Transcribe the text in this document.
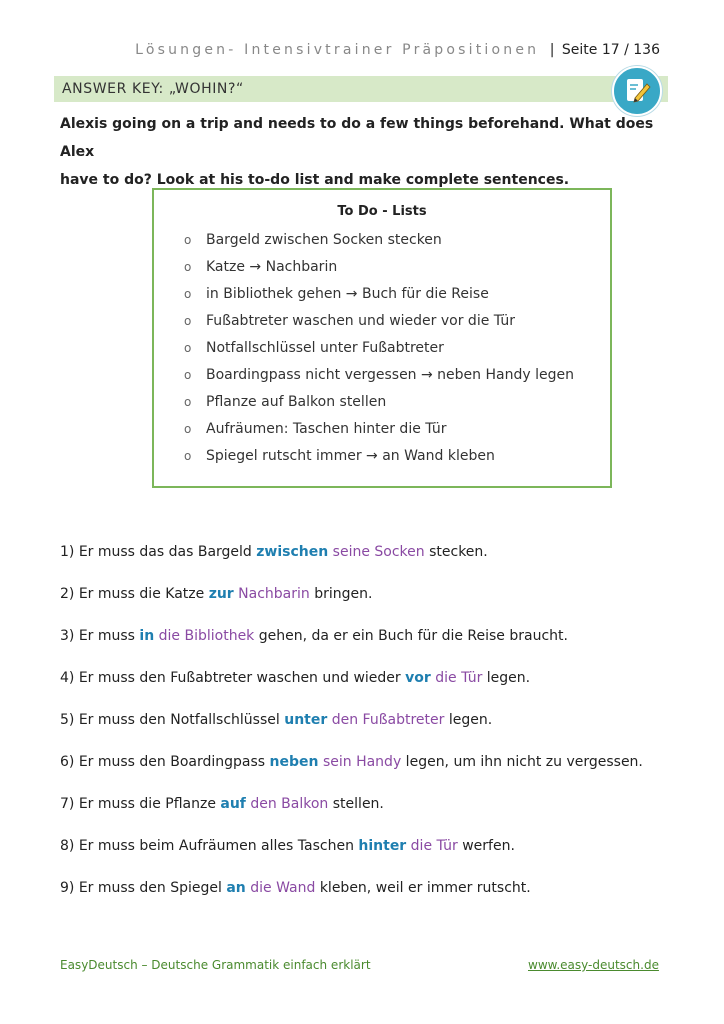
Lösungen- Intensivtrainer Präpositionen | Seite 17 / 136
ANSWER KEY: „WOHIN?“
Alexis going on a trip and needs to do a few things beforehand. What does Alex
have to do? Look at his to-do list and make complete sentences.
To Do - Lists
o Bargeld zwischen Socken stecken
o Katze → Nachbarin
o in Bibliothek gehen → Buch für die Reise
o Fußabtreter waschen und wieder vor die Tür
o Notfallschlüssel unter Fußabtreter
o Boardingpass nicht vergessen → neben Handy legen
o Pflanze auf Balkon stellen
o Aufräumen: Taschen hinter die Tür
o Spiegel rutscht immer → an Wand kleben
1) Er muss das das Bargeld zwischen seine Socken stecken.
2) Er muss die Katze zur Nachbarin bringen.
3) Er muss in die Bibliothek gehen, da er ein Buch für die Reise braucht.
4) Er muss den Fußabtreter waschen und wieder vor die Tür legen.
5) Er muss den Notfallschlüssel unter den Fußabtreter legen.
6) Er muss den Boardingpass neben sein Handy legen, um ihn nicht zu vergessen.
7) Er muss die Pflanze auf den Balkon stellen.
8) Er muss beim Aufräumen alles Taschen hinter die Tür werfen.
9) Er muss den Spiegel an die Wand kleben, weil er immer rutscht.
EasyDeutsch – Deutsche Grammatik einfach erklärt	www.easy-deutsch.de
